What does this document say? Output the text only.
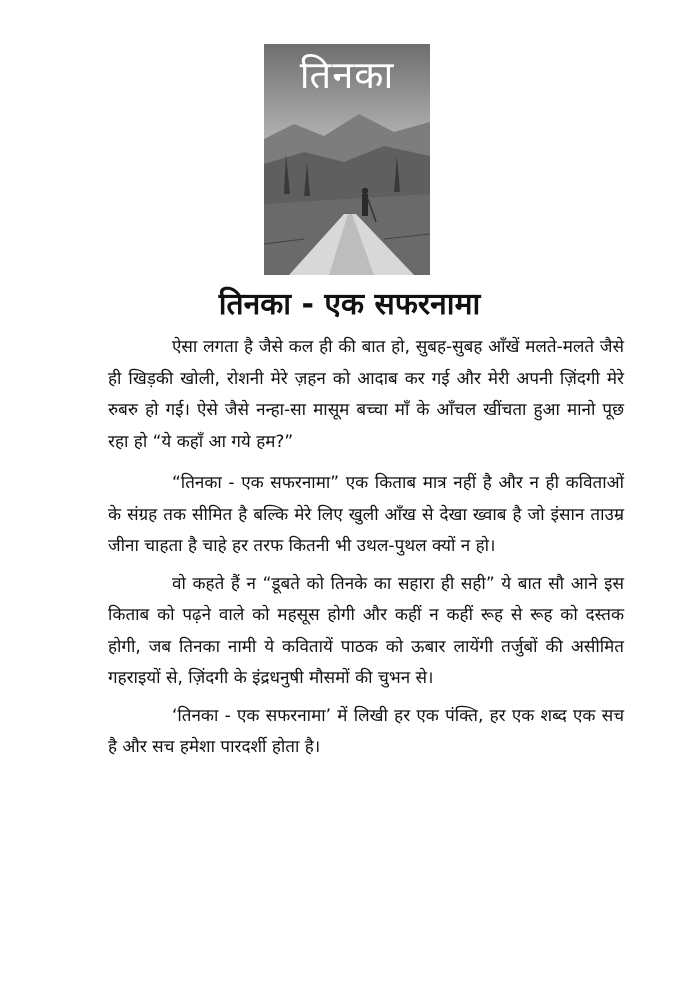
तिनका
तिनका - एक सफरनामा

ऐसा लगता है जैसे कल ही की बात हो, सुबह-सुबह आँखें मलते-मलते जैसे ही खिड़की खोली, रोशनी मेरे ज़हन को आदाब कर गई और मेरी अपनी ज़िंदगी मेरे रुबरु हो गई। ऐसे जैसे नन्हा-सा मासूम बच्चा माँ के आँचल खींचता हुआ मानो पूछ रहा हो “ये कहाँ आ गये हम?”

“तिनका - एक सफरनामा” एक किताब मात्र नहीं है और न ही कविताओं के संग्रह तक सीमित है बल्कि मेरे लिए खुली आँख से देखा ख्वाब है जो इंसान ताउम्र जीना चाहता है चाहे हर तरफ कितनी भी उथल-पुथल क्यों न हो।

वो कहते हैं न “डूबते को तिनके का सहारा ही सही” ये बात सौ आने इस किताब को पढ़ने वाले को महसूस होगी और कहीं न कहीं रूह से रूह को दस्तक होगी, जब तिनका नामी ये कवितायें पाठक को ऊबार लायेंगी तर्जुबों की असीमित गहराइयों से, ज़िंदगी के इंद्रधनुषी मौसमों की चुभन से।

‘तिनका - एक सफरनामा’ में लिखी हर एक पंक्ति, हर एक शब्द एक सच है और सच हमेशा पारदर्शी होता है।
